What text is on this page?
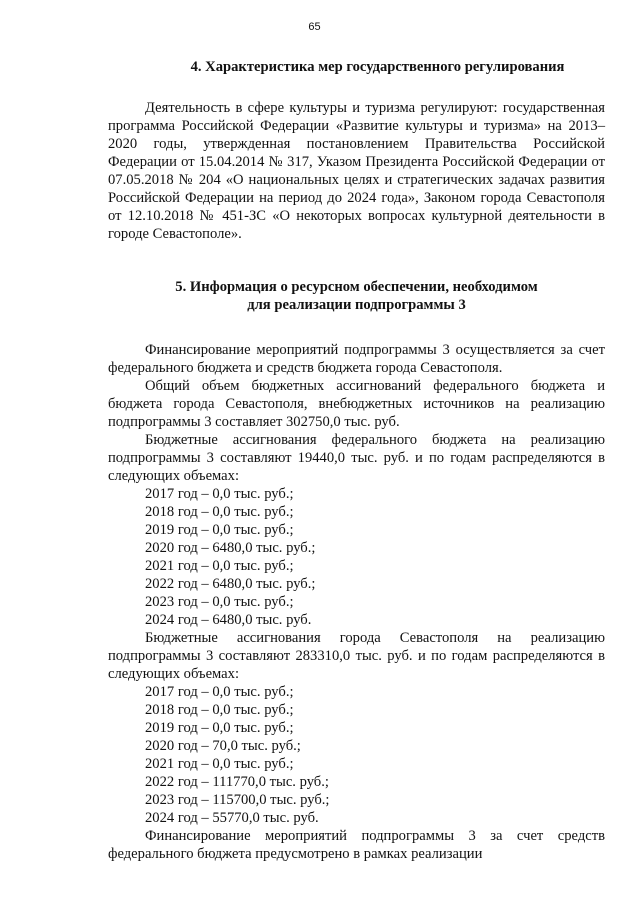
65
4. Характеристика мер государственного регулирования

Деятельность в сфере культуры и туризма регулируют: государственная программа Российской Федерации «Развитие культуры и туризма» на 2013–2020 годы, утвержденная постановлением Правительства Российской Федерации от 15.04.2014 № 317, Указом Президента Российской Федерации от 07.05.2018 № 204 «О национальных целях и стратегических задачах развития Российской Федерации на период до 2024 года», Законом города Севастополя от 12.10.2018 № 451-ЗС «О некоторых вопросах культурной деятельности в городе Севастополе».

5. Информация о ресурсном обеспечении, необходимом
для реализации подпрограммы 3

Финансирование мероприятий подпрограммы 3 осуществляется за счет федерального бюджета и средств бюджета города Севастополя.

Общий объем бюджетных ассигнований федерального бюджета и бюджета города Севастополя, внебюджетных источников на реализацию подпрограммы 3 составляет 302750,0 тыс. руб.

Бюджетные ассигнования федерального бюджета на реализацию подпрограммы 3 составляют 19440,0 тыс. руб. и по годам распределяются в следующих объемах:

2017 год – 0,0 тыс. руб.;
2018 год – 0,0 тыс. руб.;
2019 год – 0,0 тыс. руб.;
2020 год – 6480,0 тыс. руб.;
2021 год – 0,0 тыс. руб.;
2022 год – 6480,0 тыс. руб.;
2023 год – 0,0 тыс. руб.;
2024 год – 6480,0 тыс. руб.

Бюджетные ассигнования города Севастополя на реализацию подпрограммы 3 составляют 283310,0 тыс. руб. и по годам распределяются в следующих объемах:

2017 год – 0,0 тыс. руб.;
2018 год – 0,0 тыс. руб.;
2019 год – 0,0 тыс. руб.;
2020 год – 70,0 тыс. руб.;
2021 год – 0,0 тыс. руб.;
2022 год – 111770,0 тыс. руб.;
2023 год – 115700,0 тыс. руб.;
2024 год – 55770,0 тыс. руб.

Финансирование мероприятий подпрограммы 3 за счет средств федерального бюджета предусмотрено в рамках реализации
